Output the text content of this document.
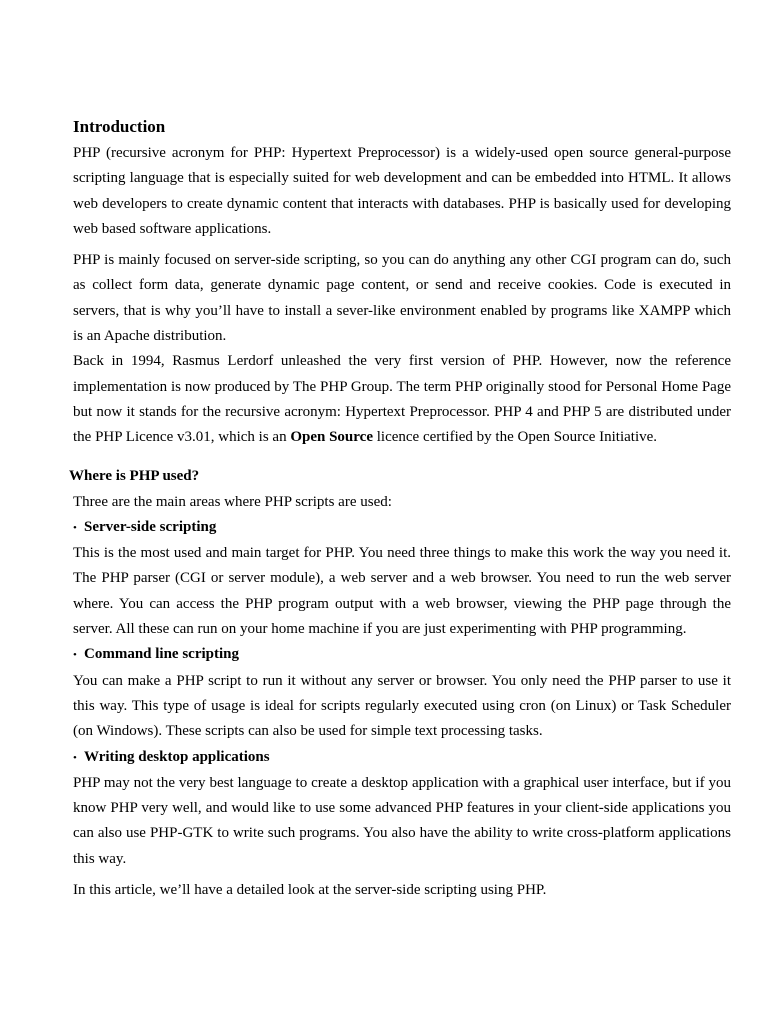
Introduction

PHP (recursive acronym for PHP: Hypertext Preprocessor) is a widely-used open source general-purpose scripting language that is especially suited for web development and can be embedded into HTML. It allows web developers to create dynamic content that interacts with databases. PHP is basically used for developing web based software applications.

PHP is mainly focused on server-side scripting, so you can do anything any other CGI program can do, such as collect form data, generate dynamic page content, or send and receive cookies. Code is executed in servers, that is why you’ll have to install a sever-like environment enabled by programs like XAMPP which is an Apache distribution.

Back in 1994, Rasmus Lerdorf unleashed the very first version of PHP. However, now the reference implementation is now produced by The PHP Group. The term PHP originally stood for Personal Home Page but now it stands for the recursive acronym: Hypertext Preprocessor. PHP 4 and PHP 5 are distributed under the PHP Licence v3.01, which is an Open Source licence certified by the Open Source Initiative.

Where is PHP used?

Three are the main areas where PHP scripts are used:

• Server-side scripting

This is the most used and main target for PHP. You need three things to make this work the way you need it. The PHP parser (CGI or server module), a web server and a web browser. You need to run the web server where. You can access the PHP program output with a web browser, viewing the PHP page through the server. All these can run on your home machine if you are just experimenting with PHP programming.

• Command line scripting

You can make a PHP script to run it without any server or browser. You only need the PHP parser to use it this way. This type of usage is ideal for scripts regularly executed using cron (on Linux) or Task Scheduler (on Windows). These scripts can also be used for simple text processing tasks.

• Writing desktop applications

PHP may not the very best language to create a desktop application with a graphical user interface, but if you know PHP very well, and would like to use some advanced PHP features in your client-side applications you can also use PHP-GTK to write such programs. You also have the ability to write cross-platform applications this way.

In this article, we’ll have a detailed look at the server-side scripting using PHP.
